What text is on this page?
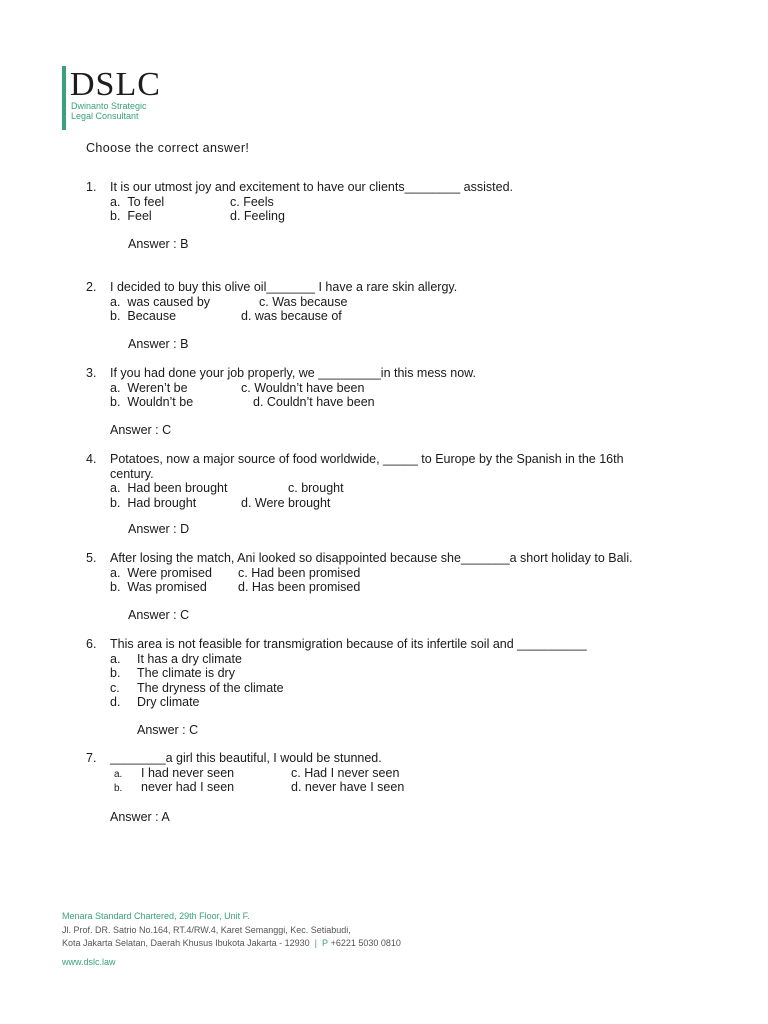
DSLC
Dwinanto Strategic
Legal Consultant
Choose the correct answer!
1.	It is our utmost joy and excitement to have our clients________ assisted.
a.  To feel	c. Feels
b.  Feel	d. Feeling
Answer : B
2.	I decided to buy this olive oil_______ I have a rare skin allergy.
a.  was caused by	c. Was because
b.  Because	d. was because of
Answer : B
3.	If you had done your job properly, we _________in this mess now.
a.  Weren’t be	c. Wouldn’t have been
b.  Wouldn’t be	d. Couldn’t have been
Answer : C
4.	Potatoes, now a major source of food worldwide, _____ to Europe by the Spanish in the 16th century.
a.  Had been brought	c. brought
b.  Had brought	d. Were brought
Answer : D
5.	After losing the match, Ani looked so disappointed because she_______a short holiday to Bali.
a.  Were promised c. Had been promised
b.  Was promised d. Has been promised
Answer : C
6.	This area is not feasible for transmigration because of its infertile soil and __________
a. It has a dry climate
b. The climate is dry
c. The dryness of the climate
d. Dry climate
Answer : C
7.	________a girl this beautiful, I would be stunned.
a. I had never seen	c. Had I never seen
b. never had I seen	d. never have I seen
Answer : A
Menara Standard Chartered, 29th Floor, Unit F.
Jl. Prof. DR. Satrio No.164, RT.4/RW.4, Karet Semanggi, Kec. Setiabudi,
Kota Jakarta Selatan, Daerah Khusus Ibukota Jakarta - 12930 | P +6221 5030 0810
www.dslc.law
